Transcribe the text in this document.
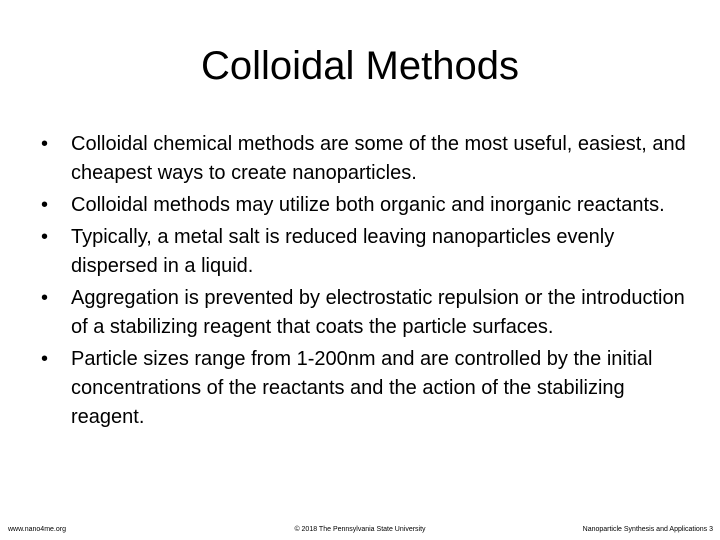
Colloidal Methods
• Colloidal chemical methods are some of the most useful, easiest, and cheapest ways to create nanoparticles.
• Colloidal methods may utilize both organic and inorganic reactants.
• Typically, a metal salt is reduced leaving nanoparticles evenly dispersed in a liquid.
• Aggregation is prevented by electrostatic repulsion or the introduction of a stabilizing reagent that coats the particle surfaces.
• Particle sizes range from 1-200nm and are controlled by the initial concentrations of the reactants and the action of the stabilizing reagent.
© 2018 The Pennsylvania State University
www.nano4me.org	Nanoparticle Synthesis and Applications 3
